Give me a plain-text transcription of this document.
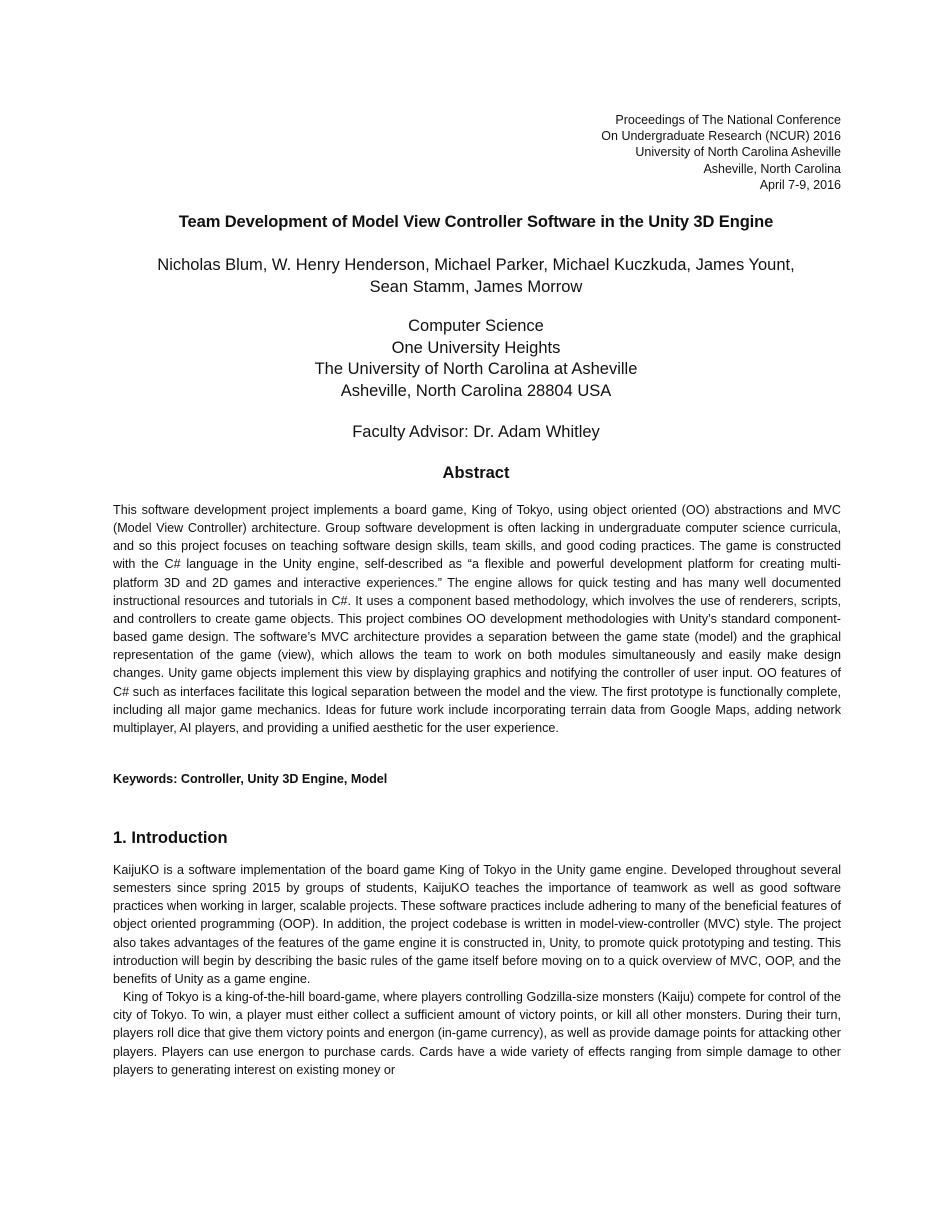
Proceedings of The National Conference
On Undergraduate Research (NCUR) 2016
University of North Carolina Asheville
Asheville, North Carolina
April 7-9, 2016
Team Development of Model View Controller Software in the Unity 3D Engine
Nicholas Blum, W. Henry Henderson, Michael Parker, Michael Kuczkuda, James Yount,
Sean Stamm, James Morrow
Computer Science
One University Heights
The University of North Carolina at Asheville
Asheville, North Carolina 28804 USA
Faculty Advisor: Dr. Adam Whitley
Abstract
This software development project implements a board game, King of Tokyo, using object oriented (OO) abstractions and MVC (Model View Controller) architecture. Group software development is often lacking in undergraduate computer science curricula, and so this project focuses on teaching software design skills, team skills, and good coding practices. The game is constructed with the C# language in the Unity engine, self-described as “a flexible and powerful development platform for creating multi-platform 3D and 2D games and interactive experiences.” The engine allows for quick testing and has many well documented instructional resources and tutorials in C#. It uses a component based methodology, which involves the use of renderers, scripts, and controllers to create game objects. This project combines OO development methodologies with Unity’s standard component-based game design. The software’s MVC architecture provides a separation between the game state (model) and the graphical representation of the game (view), which allows the team to work on both modules simultaneously and easily make design changes. Unity game objects implement this view by displaying graphics and notifying the controller of user input. OO features of C# such as interfaces facilitate this logical separation between the model and the view. The first prototype is functionally complete, including all major game mechanics. Ideas for future work include incorporating terrain data from Google Maps, adding network multiplayer, AI players, and providing a unified aesthetic for the user experience.
Keywords: Controller, Unity 3D Engine, Model
1. Introduction

KaijuKO is a software implementation of the board game King of Tokyo in the Unity game engine. Developed throughout several semesters since spring 2015 by groups of students, KaijuKO teaches the importance of teamwork as well as good software practices when working in larger, scalable projects. These software practices include adhering to many of the beneficial features of object oriented programming (OOP). In addition, the project codebase is written in model-view-controller (MVC) style. The project also takes advantages of the features of the game engine it is constructed in, Unity, to promote quick prototyping and testing. This introduction will begin by describing the basic rules of the game itself before moving on to a quick overview of MVC, OOP, and the benefits of Unity as a game engine.

King of Tokyo is a king-of-the-hill board-game, where players controlling Godzilla-size monsters (Kaiju) compete for control of the city of Tokyo. To win, a player must either collect a sufficient amount of victory points, or kill all other monsters. During their turn, players roll dice that give them victory points and energon (in-game currency), as well as provide damage points for attacking other players. Players can use energon to purchase cards. Cards have a wide variety of effects ranging from simple damage to other players to generating interest on existing money or
